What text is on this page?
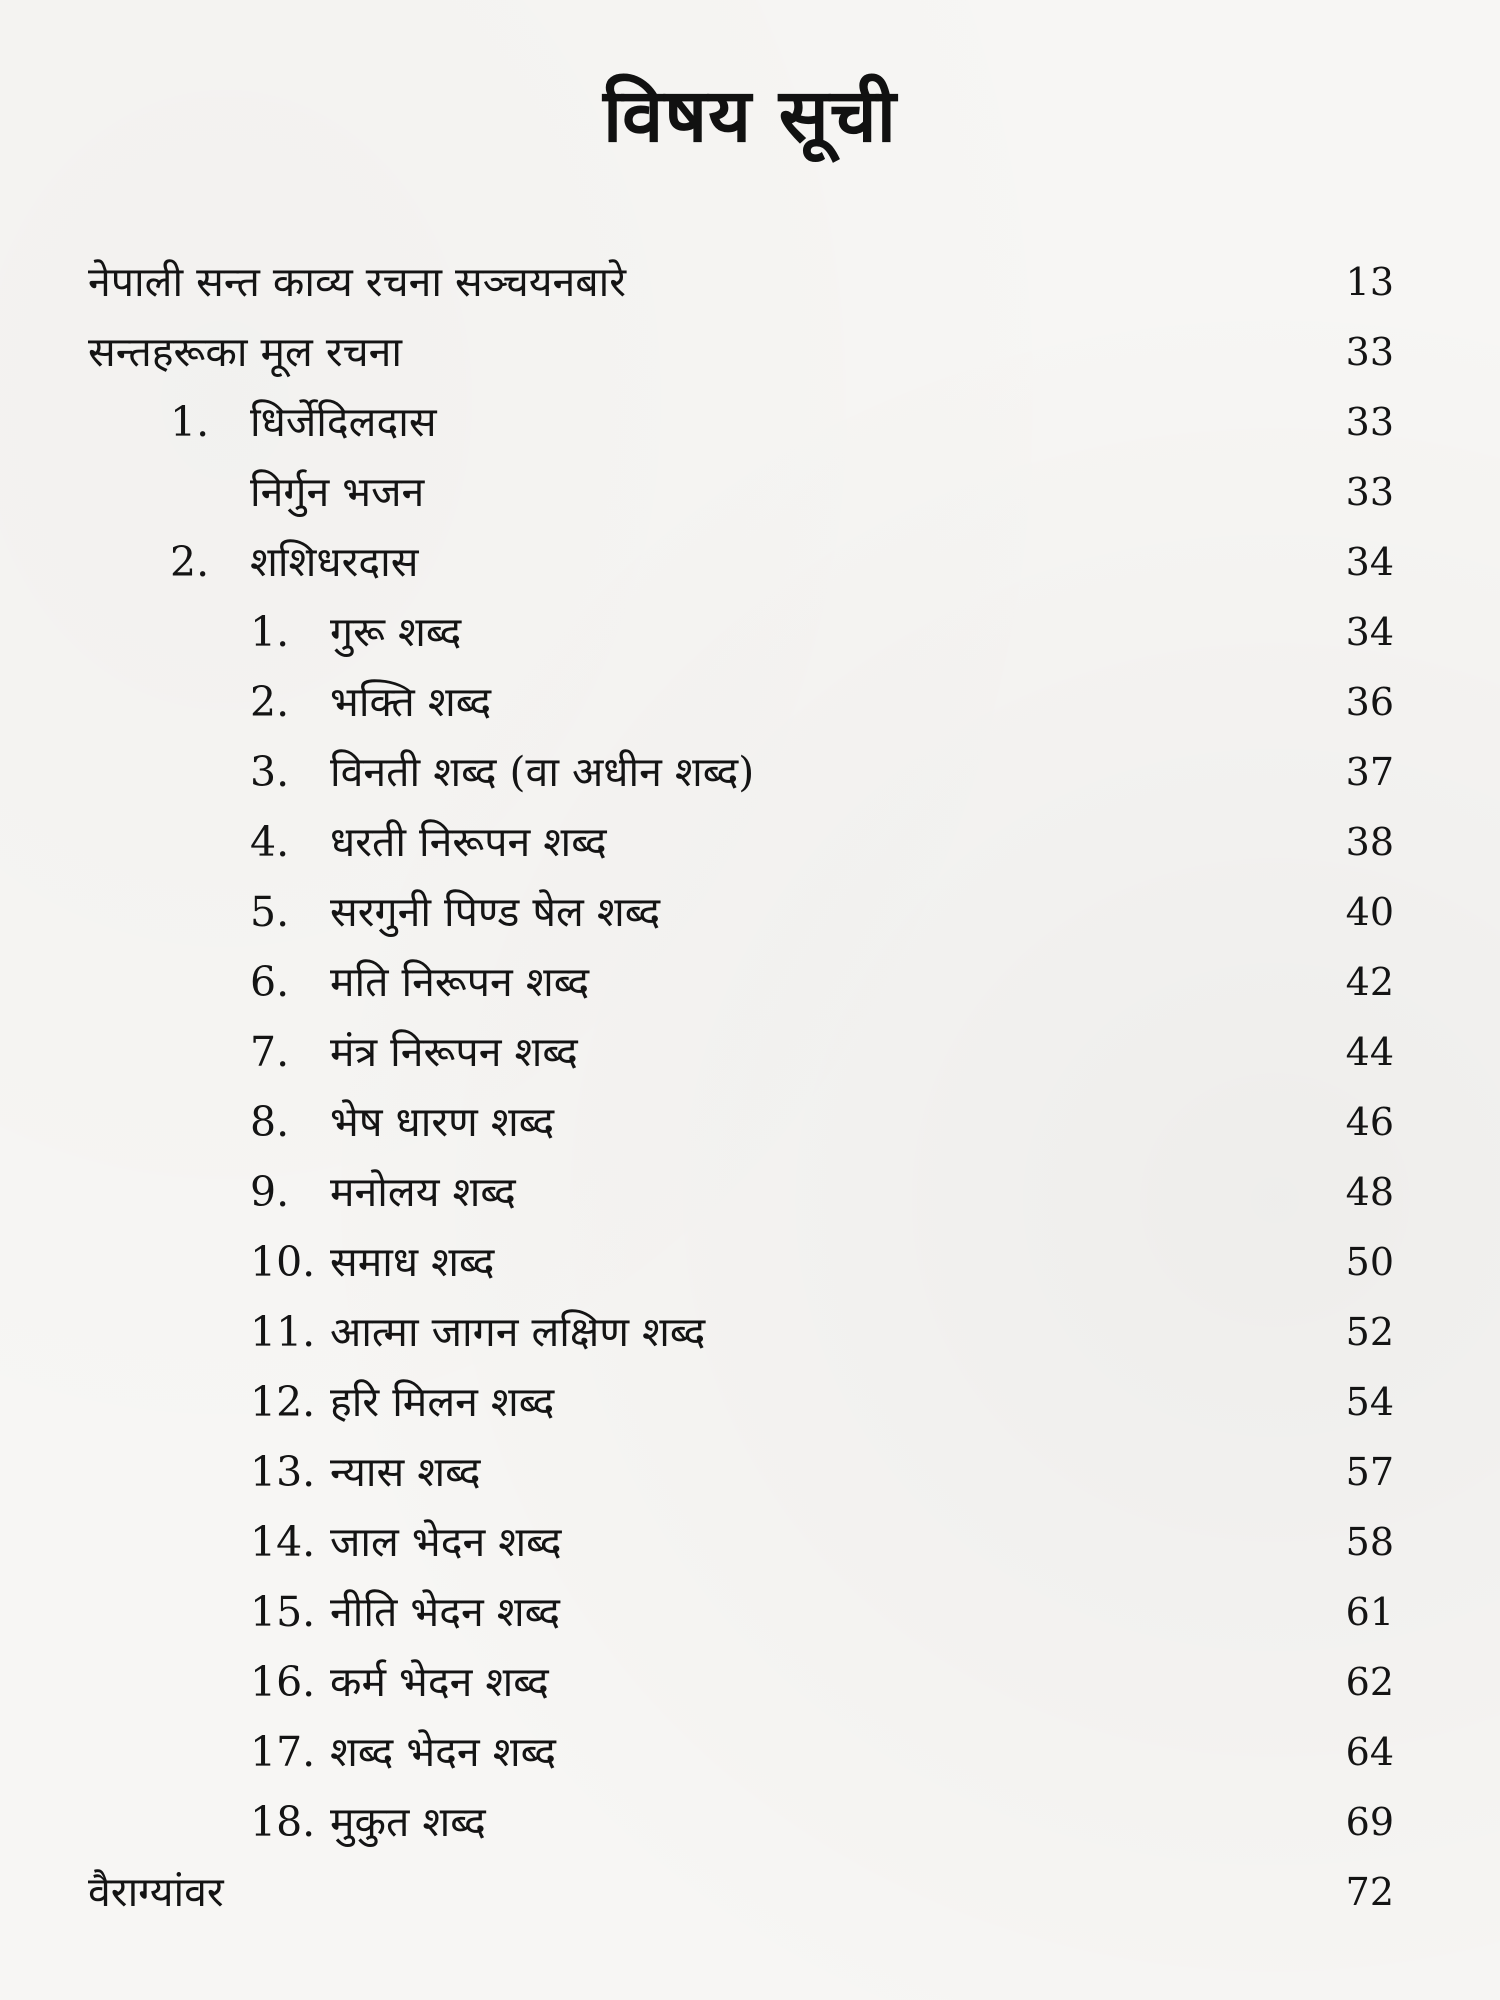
विषय सूची
नेपाली सन्त काव्य रचना सञ्चयनबारे	13
सन्तहरूका मूल रचना	33
1. धिर्जेदिलदास	33
निर्गुन भजन	33
2. शशिधरदास	34
1. गुरू शब्द	34
2. भक्ति शब्द	36
3. विनती शब्द (वा अधीन शब्द)	37
4. धरती निरूपन शब्द	38
5. सरगुनी पिण्ड षेल शब्द	40
6. मति निरूपन शब्द	42
7. मंत्र निरूपन शब्द	44
8. भेष धारण शब्द	46
9. मनोलय शब्द	48
10. समाध शब्द	50
11. आत्मा जागन लक्षिण शब्द	52
12. हरि मिलन शब्द	54
13. न्यास शब्द	57
14. जाल भेदन शब्द	58
15. नीति भेदन शब्द	61
16. कर्म भेदन शब्द	62
17. शब्द भेदन शब्द	64
18. मुकुत शब्द	69
वैराग्यांवर	72
